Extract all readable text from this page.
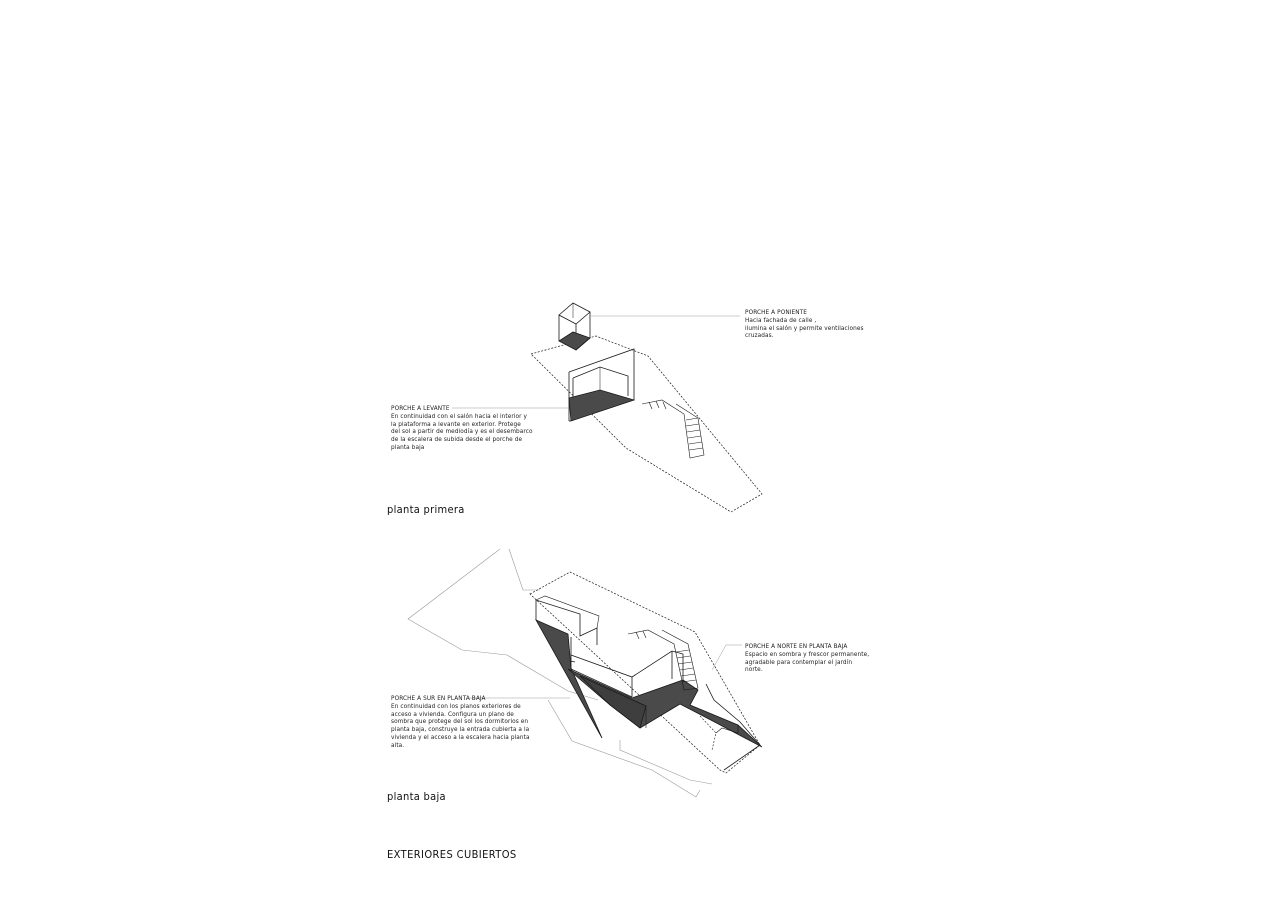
PORCHE A PONIENTE
Hacia fachada de calle ,
ilumina el salón y permite ventilaciones
cruzadas.
PORCHE A LEVANTE
En continuidad con el salón hacia el interior y
la plataforma a levante en exterior. Protege
del sol a partir de mediodía y es el desembarco
de la escalera de subida desde el porche de
planta baja
planta primera
PORCHE A NORTE EN PLANTA BAJA
Espacio en sombra y frescor permanente,
agradable para contemplar el jardín
norte.
PORCHE A SUR EN PLANTA BAJA
En continuidad con los planos exteriores de
acceso a vivienda. Configura un plano de
sombra que protege del sol los dormitorios en
planta baja, construye la entrada cubierta a la
vivienda y el acceso a la escalera hacia planta
alta.
planta baja
EXTERIORES CUBIERTOS
